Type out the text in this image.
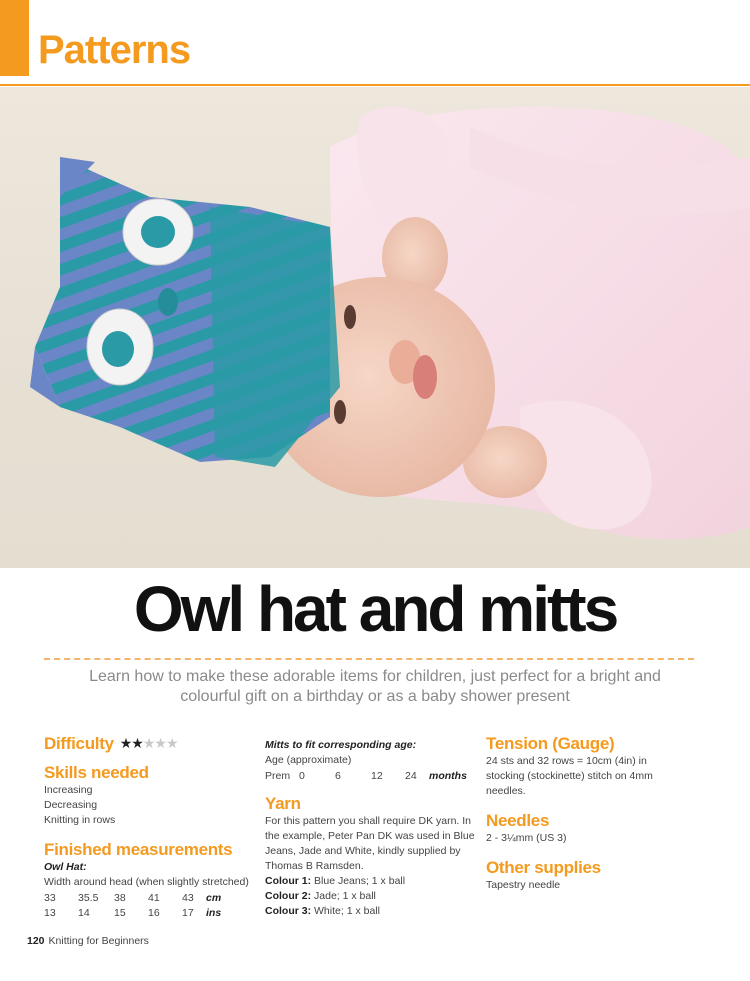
Patterns
Owl hat and mitts
Learn how to make these adorable items for children, just perfect for a bright and colourful gift on a birthday or as a baby shower present
Difficulty ★★★★★
Skills needed
Increasing
Decreasing
Knitting in rows
Finished measurements
Owl Hat:
Width around head (when slightly stretched)
33	35.5	38	41	43	cm
13	14	15	16	17	ins
Mitts to fit corresponding age:
Age (approximate)
Prem	0	6	12	24	months
Yarn
For this pattern you shall require DK yarn. In the example, Peter Pan DK was used in Blue Jeans, Jade and White, kindly supplied by Thomas B Ramsden.
Colour 1: Blue Jeans; 1 x ball
Colour 2: Jade; 1 x ball
Colour 3: White; 1 x ball
Tension (Gauge)
24 sts and 32 rows = 10cm (4in) in stocking (stockinette) stitch on 4mm needles.
Needles
2 - 3¼mm (US 3)
Other supplies
Tapestry needle
120 Knitting for Beginners
